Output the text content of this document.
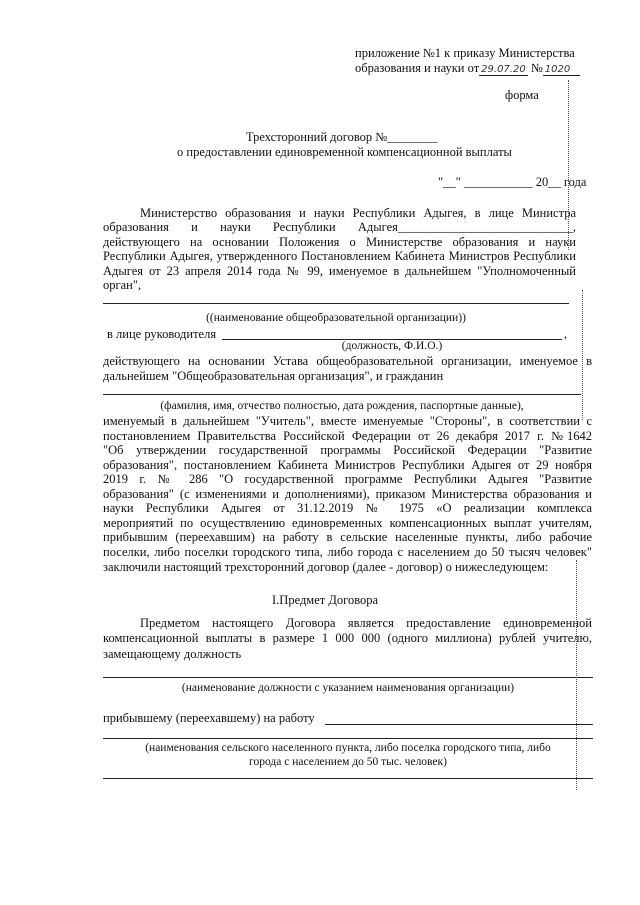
приложение №1 к приказу Министерства
образования и науки от 29.07.20 № 1020
форма
Трехсторонний договор №________
о предоставлении единовременной компенсационной выплаты
"__" ___________ 20__ года
Министерство образования и науки Республики Адыгея, в лице Министра
образования и науки Республики Адыгея____________________________,
действующего на основании Положения о Министерстве образования и науки
Республики Адыгея, утвержденного Постановлением Кабинета Министров Республики
Адыгея от 23 апреля 2014 года № 99, именуемое в дальнейшем "Уполномоченный
орган",
((наименование общеобразовательной организации))
в лице руководителя	,
(должность, Ф.И.О.)
действующего на основании Устава общеобразовательной организации, именуемое в
дальнейшем "Общеобразовательная организация", и гражданин
(фамилия, имя, отчество полностью, дата рождения, паспортные данные),
именуемый в дальнейшем "Учитель", вместе именуемые "Стороны", в соответствии с
постановлением Правительства Российской Федерации от 26 декабря 2017 г. №1642
"Об утверждении государственной программы Российской Федерации "Развитие
образования", постановлением Кабинета Министров Республики Адыгея от 29 ноября
2019 г. № 286 "О государственной программе Республики Адыгея "Развитие
образования" (с изменениями и дополнениями), приказом Министерства образования и
науки Республики Адыгея от 31.12.2019 № 1975 «О реализации комплекса
мероприятий по осуществлению единовременных компенсационных выплат учителям,
прибывшим (переехавшим) на работу в сельские населенные пункты, либо рабочие
поселки, либо поселки городского типа, либо города с населением до 50 тысяч человек"
заключили настоящий трехсторонний договор (далее - договор) о нижеследующем:
I.Предмет Договора
Предметом настоящего Договора является предоставление единовременной
компенсационной выплаты в размере 1 000 000 (одного миллиона) рублей учителю,
замещающему должность
(наименование должности с указанием наименования организации)
прибывшему (переехавшему) на работу
(наименования сельского населенного пункта, либо поселка городского типа, либо
города с населением до 50 тыс. человек)
